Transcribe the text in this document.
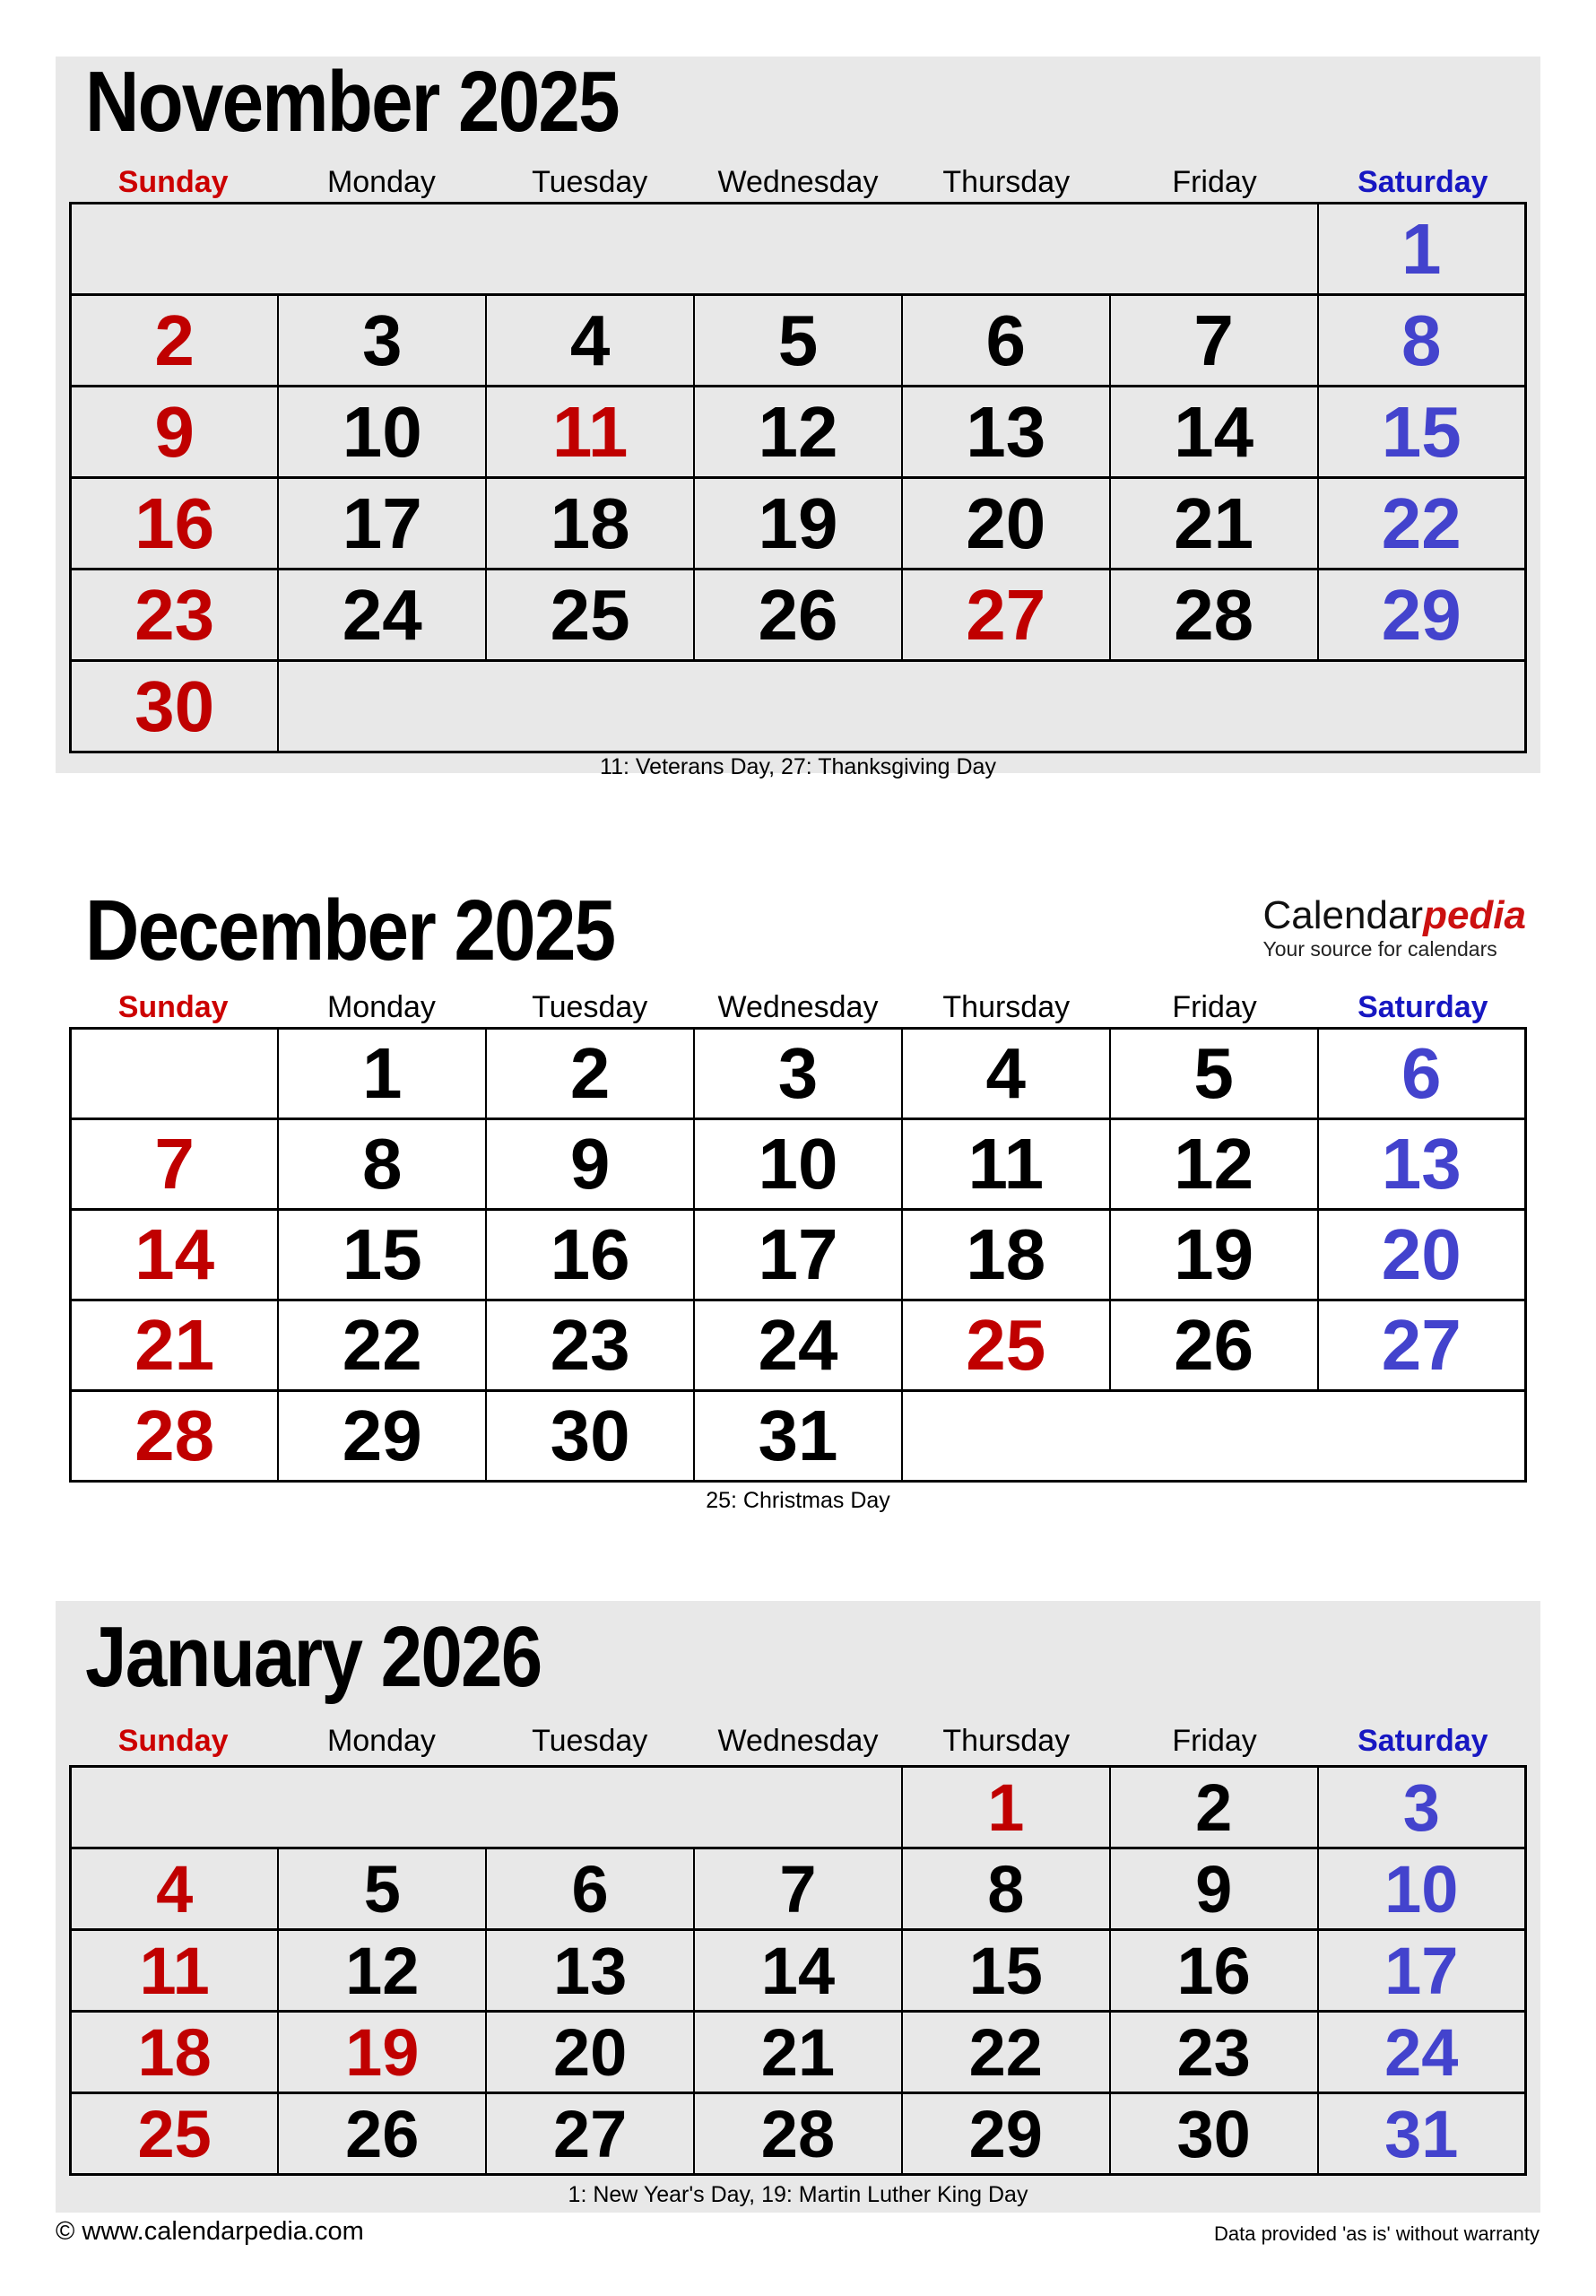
November 2025
Sunday	Monday	Tuesday	Wednesday	Thursday	Friday	Saturday
						1
2	3	4	5	6	7	8
9	10	11	12	13	14	15
16	17	18	19	20	21	22
23	24	25	26	27	28	29
30						
11: Veterans Day, 27: Thanksgiving Day
December 2025	Calendarpedia
Your source for calendars
Sunday	Monday	Tuesday	Wednesday	Thursday	Friday	Saturday
	1	2	3	4	5	6
7	8	9	10	11	12	13
14	15	16	17	18	19	20
21	22	23	24	25	26	27
28	29	30	31			
25: Christmas Day
January 2026
Sunday	Monday	Tuesday	Wednesday	Thursday	Friday	Saturday
				1	2	3
4	5	6	7	8	9	10
11	12	13	14	15	16	17
18	19	20	21	22	23	24
25	26	27	28	29	30	31
1: New Year's Day, 19: Martin Luther King Day
© www.calendarpedia.com	Data provided 'as is' without warranty
